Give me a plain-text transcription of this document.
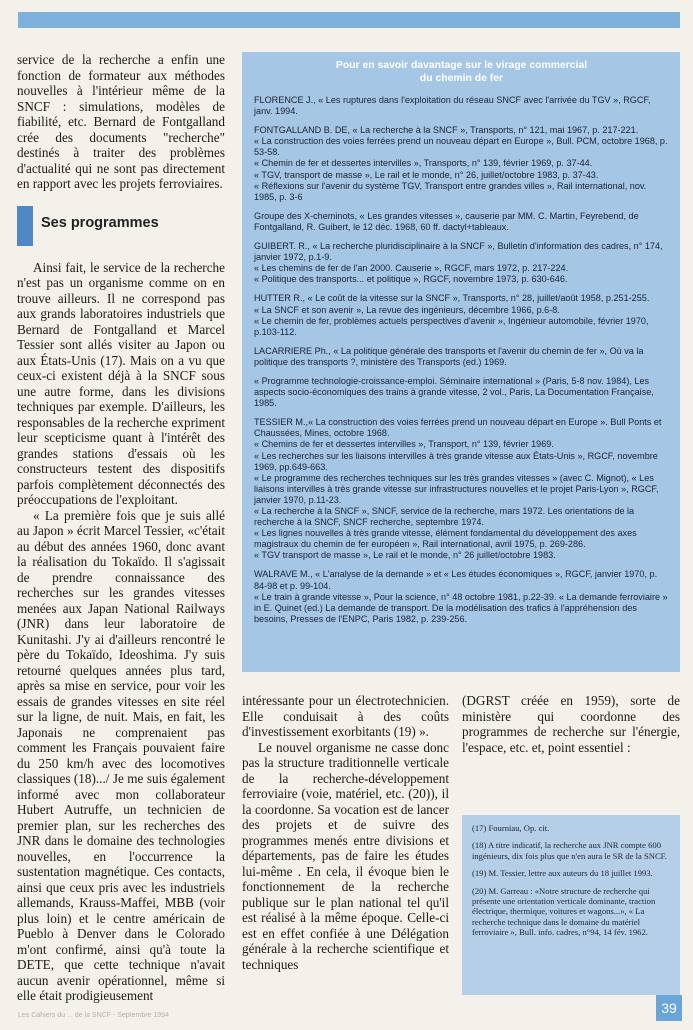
service de la recherche a enfin une fonction de formateur aux méthodes nouvelles à l'intérieur même de la SNCF : simulations, modèles de fiabilité, etc. Bernard de Fontgalland crée des documents "recherche" destinés à traiter des problèmes d'actualité qui ne sont pas directement en rapport avec les projets ferroviaires.

Ses programmes

Ainsi fait, le service de la recherche n'est pas un organisme comme on en trouve ailleurs. Il ne correspond pas aux grands laboratoires industriels que Bernard de Fontgalland et Marcel Tessier sont allés visiter au Japon ou aux États-Unis (17). Mais on a vu que ceux-ci existent déjà à la SNCF sous une autre forme, dans les divisions techniques par exemple. D'ailleurs, les responsables de la recherche expriment leur scepticisme quant à l'intérêt des grandes stations d'essais où les constructeurs testent des dispositifs parfois complètement déconnectés des préoccupations de l'exploitant.

« La première fois que je suis allé au Japon » écrit Marcel Tessier, «c'était au début des années 1960, donc avant la réalisation du Tokaïdo. Il s'agissait de prendre connaissance des recherches sur les grandes vitesses menées aux Japan National Railways (JNR) dans leur laboratoire de Kunitashi. J'y ai d'ailleurs rencontré le père du Tokaïdo, Ideoshima. J'y suis retourné quelques années plus tard, après sa mise en service, pour voir les essais de grandes vitesses en site réel sur la ligne, de nuit. Mais, en fait, les Japonais ne comprenaient pas comment les Français pouvaient faire du 250 km/h avec des locomotives classiques (18).../ Je me suis également informé avec mon collaborateur Hubert Autruffe, un technicien de premier plan, sur les recherches des JNR dans le domaine des technologies nouvelles, en l'occurrence la sustentation magnétique. Ces contacts, ainsi que ceux pris avec les industriels allemands, Krauss-Maffei, MBB (voir plus loin) et le centre américain de Pueblo à Denver dans le Colorado m'ont confirmé, ainsi qu'à toute la DETE, que cette technique n'avait aucun avenir opérationnel, même si elle était prodigieusement

Pour en savoir davantage sur le virage commercial
du chemin de fer
FLORENCE J., « Les ruptures dans l'exploitation du réseau SNCF avec l'arrivée du TGV », RGCF, janv. 1994.
FONTGALLAND B. DE, « La recherche à la SNCF », Transports, n° 121, mai 1967, p. 217-221.
« La construction des voies ferrées prend un nouveau départ en Europe », Bull. PCM, octobre 1968, p. 53-58.
« Chemin de fer et dessertes intervilles », Transports, n° 139, février 1969, p. 37-44.
« TGV, transport de masse », Le rail et le monde, n° 26, juillet/octobre 1983, p. 37-43.
« Réflexions sur l'avenir du système TGV, Transport entre grandes villes », Rail international, nov. 1985, p. 3-6
Groupe des X-cheminots, « Les grandes vitesses », causerie par MM. C. Martin, Feyrebend, de Fontgalland, R. Guibert, le 12 déc. 1968, 60 ff. dactyl+tableaux.
GUIBERT. R., « La recherche pluridisciplinaire à la SNCF », Bulletin d'information des cadres, n° 174, janvier 1972, p.1-9.
« Les chemins de fer de l'an 2000. Causerie », RGCF, mars 1972, p. 217-224.
« Politique des transports... et politique », RGCF, novembre 1973, p. 630-646.
HUTTER R., « Le coût de la vitesse sur la SNCF », Transports, n° 28, juillet/août 1958, p.251-255.
« La SNCF et son avenir », La revue des ingénieurs, décembre 1966, p.6-8.
« Le chemin de fer, problèmes actuels perspectives d'avenir », Ingénieur automobile, février 1970, p.103-112.
LACARRIERE Ph., « La politique générale des transports et l'avenir du chemin de fer », Où va la politique des transports ?, ministère des Transports (ed.) 1969.
« Programme technologie-croissance-emploi. Séminaire international » (Paris, 5-8 nov. 1984), Les aspects socio-économiques des trains à grande vitesse, 2 vol., Paris, La Documentation Française, 1985.
TESSIER M.,« La construction des voies ferrées prend un nouveau départ en Europe ». Bull Ponts et Chaussées, Mines, octobre 1968.
« Chemins de fer et dessertes intervilles », Transport, n° 139, février 1969.
« Les recherches sur les liaisons intervilles à très grande vitesse aux États-Unis », RGCF, novembre 1969, pp.649-663.
« Le programme des recherches techniques sur les très grandes vitesses » (avec C. Mignot), « Les liaisons intervilles à très grande vitesse sur infrastructures nouvelles et le projet Paris-Lyon », RGCF, janvier 1970, p.11-23.
« La recherche à la SNCF », SNCF, service de la recherche, mars 1972. Les orientations de la recherche à la SNCF, SNCF recherche, septembre 1974.
« Les lignes nouvelles à très grande vitesse, élément fondamental du développement des axes magistraux du chemin de fer européen », Rail international, avril 1975, p. 269-286.
« TGV transport de masse », Le rail et le monde, n° 26 juillet/octobre 1983.
WALRAVE M., « L'analyse de la demande » et « Les études économiques », RGCF, janvier 1970, p. 84-98 et p. 99-104.
« Le train à grande vitesse », Pour la science, n° 48 octobre 1981, p.22-39. « La demande ferroviaire » in E. Quinet (ed.) La demande de transport. De la modélisation des trafics à l'appréhension des besoins, Presses de l'ENPC, Paris 1982, p. 239-256.

intéressante pour un électrotechnicien. Elle conduisait à des coûts d'investissement exorbitants (19) ».

Le nouvel organisme ne casse donc pas la structure traditionnelle verticale de la recherche-développement ferroviaire (voie, matériel, etc. (20)), il la coordonne. Sa vocation est de lancer des projets et de suivre des programmes menés entre divisions et départements, pas de faire les études lui-même . En cela, il évoque bien le fonctionnement de la recherche publique sur le plan national tel qu'il est réalisé à la même époque. Celle-ci est en effet confiée à une Délégation générale à la recherche scientifique et techniques

(DGRST créée en 1959), sorte de ministère qui coordonne des programmes de recherche sur l'énergie, l'espace, etc. et, point essentiel :

(17) Fourniau, Op. cit.
(18) A titre indicatif, la recherche aux JNR compte 600 ingénieurs, dix fois plus que n'en aura le SR de la SNCF.
(19) M. Tessier, lettre aux auteurs du 18 juillet 1993.
(20) M. Garreau : «Notre structure de recherche qui présente une orientation verticale dominante, traction électrique, thermique, voitures et wagons...», « La recherche technique dans le domaine du matériel ferroviaire », Bull. info. cadres, n°94, 14 fév. 1962.
39
Les Cahiers du ... de la SNCF - Septembre 1994
